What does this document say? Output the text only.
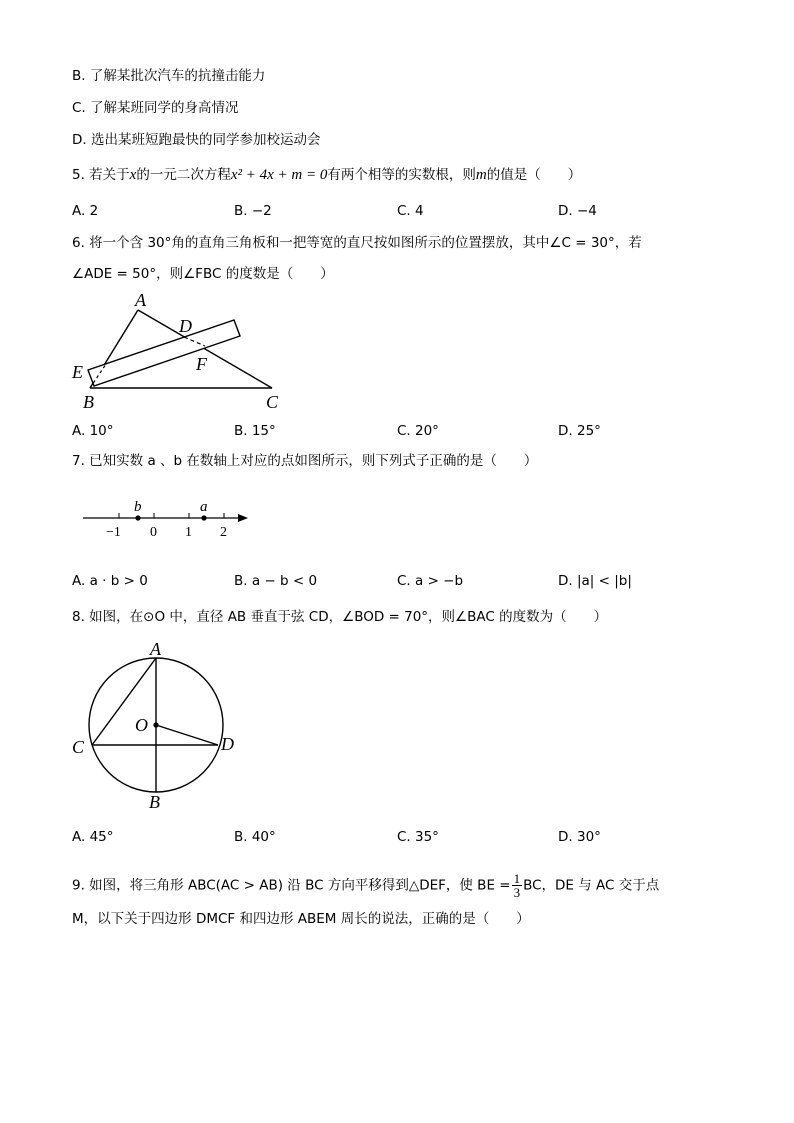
B. 了解某批次汽车的抗撞击能力
C. 了解某班同学的身高情况
D. 选出某班短跑最快的同学参加校运动会
5. 若关于x的一元二次方程x² + 4x + m = 0有两个相等的实数根，则m的值是（　　）
A. 2	B. −2	C. 4	D. −4
6. 将一个含 30°角的直角三角板和一把等宽的直尺按如图所示的位置摆放，其中∠C = 30°，若
∠ADE = 50°，则∠FBC 的度数是（　　）
A
D
E	F
B	C
A. 10°	B. 15°	C. 20°	D. 25°
7. 已知实数 a 、b 在数轴上对应的点如图所示，则下列式子正确的是（　　）
b	a
−1 0 1 2
A. a · b > 0	B. a − b < 0	C. a > −b	D. |a| < |b|
8. 如图，在⊙O 中，直径 AB 垂直于弦 CD，∠BOD = 70°，则∠BAC 的度数为（　　）
A
O
C	D
B
A. 45°	B. 40°	C. 35°	D. 30°
9. 如图，将三角形 ABC(AC > AB) 沿 BC 方向平移得到△DEF，使 BE = $\frac{1}{3}$ BC，DE 与 AC 交于点
M，以下关于四边形 DMCF 和四边形 ABEM 周长的说法，正确的是（　　）
